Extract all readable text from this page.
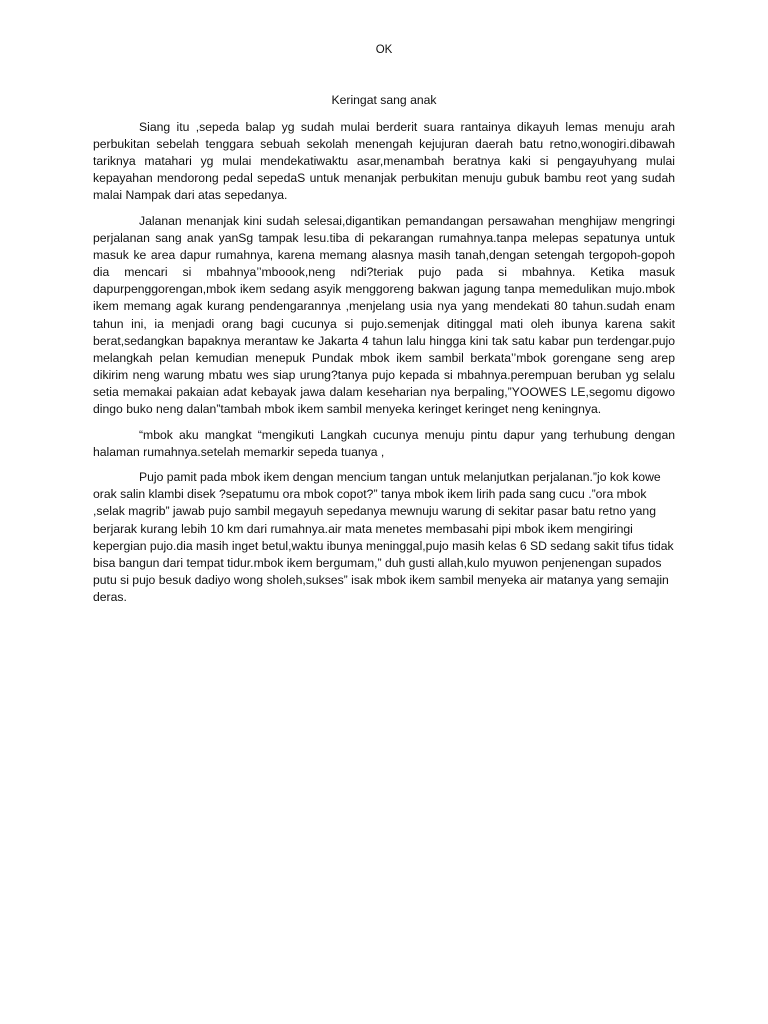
OK
Keringat sang anak

Siang itu ,sepeda balap yg sudah mulai berderit suara rantainya dikayuh lemas menuju arah perbukitan sebelah tenggara sebuah sekolah menengah kejujuran daerah batu retno,wonogiri.dibawah tariknya matahari yg mulai mendekatiwaktu asar,menambah beratnya kaki si pengayuhyang mulai kepayahan mendorong pedal sepedaS untuk menanjak perbukitan menuju gubuk bambu reot yang sudah malai Nampak dari atas sepedanya.

Jalanan menanjak kini sudah selesai,digantikan pemandangan persawahan menghijaw mengringi perjalanan sang anak yanSg tampak lesu.tiba di pekarangan rumahnya.tanpa melepas sepatunya untuk masuk ke area dapur rumahnya, karena memang alasnya masih tanah,dengan setengah tergopoh-gopoh dia mencari si mbahnya’’mboook,neng ndi?teriak pujo pada si mbahnya. Ketika masuk dapurpenggorengan,mbok ikem sedang asyik menggoreng bakwan jagung tanpa memedulikan mujo.mbok ikem memang agak kurang pendengarannya ,menjelang usia nya yang mendekati 80 tahun.sudah enam tahun ini, ia menjadi orang bagi cucunya si pujo.semenjak ditinggal mati oleh ibunya karena sakit berat,sedangkan bapaknya merantaw ke Jakarta 4 tahun lalu hingga kini tak satu kabar pun terdengar.pujo melangkah pelan kemudian menepuk Pundak mbok ikem sambil berkata’’mbok gorengane seng arep dikirim neng warung mbatu wes siap urung?tanya pujo kepada si mbahnya.perempuan beruban yg selalu setia memakai pakaian adat kebayak jawa dalam keseharian nya berpaling,”YOOWES LE,segomu digowo dingo buko neng dalan”tambah mbok ikem sambil menyeka keringet keringet neng keningnya.

“mbok aku mangkat “mengikuti Langkah cucunya menuju pintu dapur yang terhubung dengan halaman rumahnya.setelah memarkir sepeda tuanya ,

Pujo pamit pada mbok ikem dengan mencium tangan untuk melanjutkan perjalanan.”jo kok kowe orak salin klambi disek ?sepatumu ora mbok copot?” tanya mbok ikem lirih pada sang cucu .”ora mbok ,selak magrib” jawab pujo sambil megayuh sepedanya mewnuju warung di sekitar pasar batu retno yang berjarak kurang lebih 10 km dari rumahnya.air mata menetes membasahi pipi mbok ikem mengiringi kepergian pujo.dia masih inget betul,waktu ibunya meninggal,pujo masih kelas 6 SD sedang sakit tifus tidak bisa bangun dari tempat tidur.mbok ikem bergumam,” duh gusti allah,kulo myuwon penjenengan supados putu si pujo besuk dadiyo wong sholeh,sukses” isak mbok ikem sambil menyeka air matanya yang semajin deras.
